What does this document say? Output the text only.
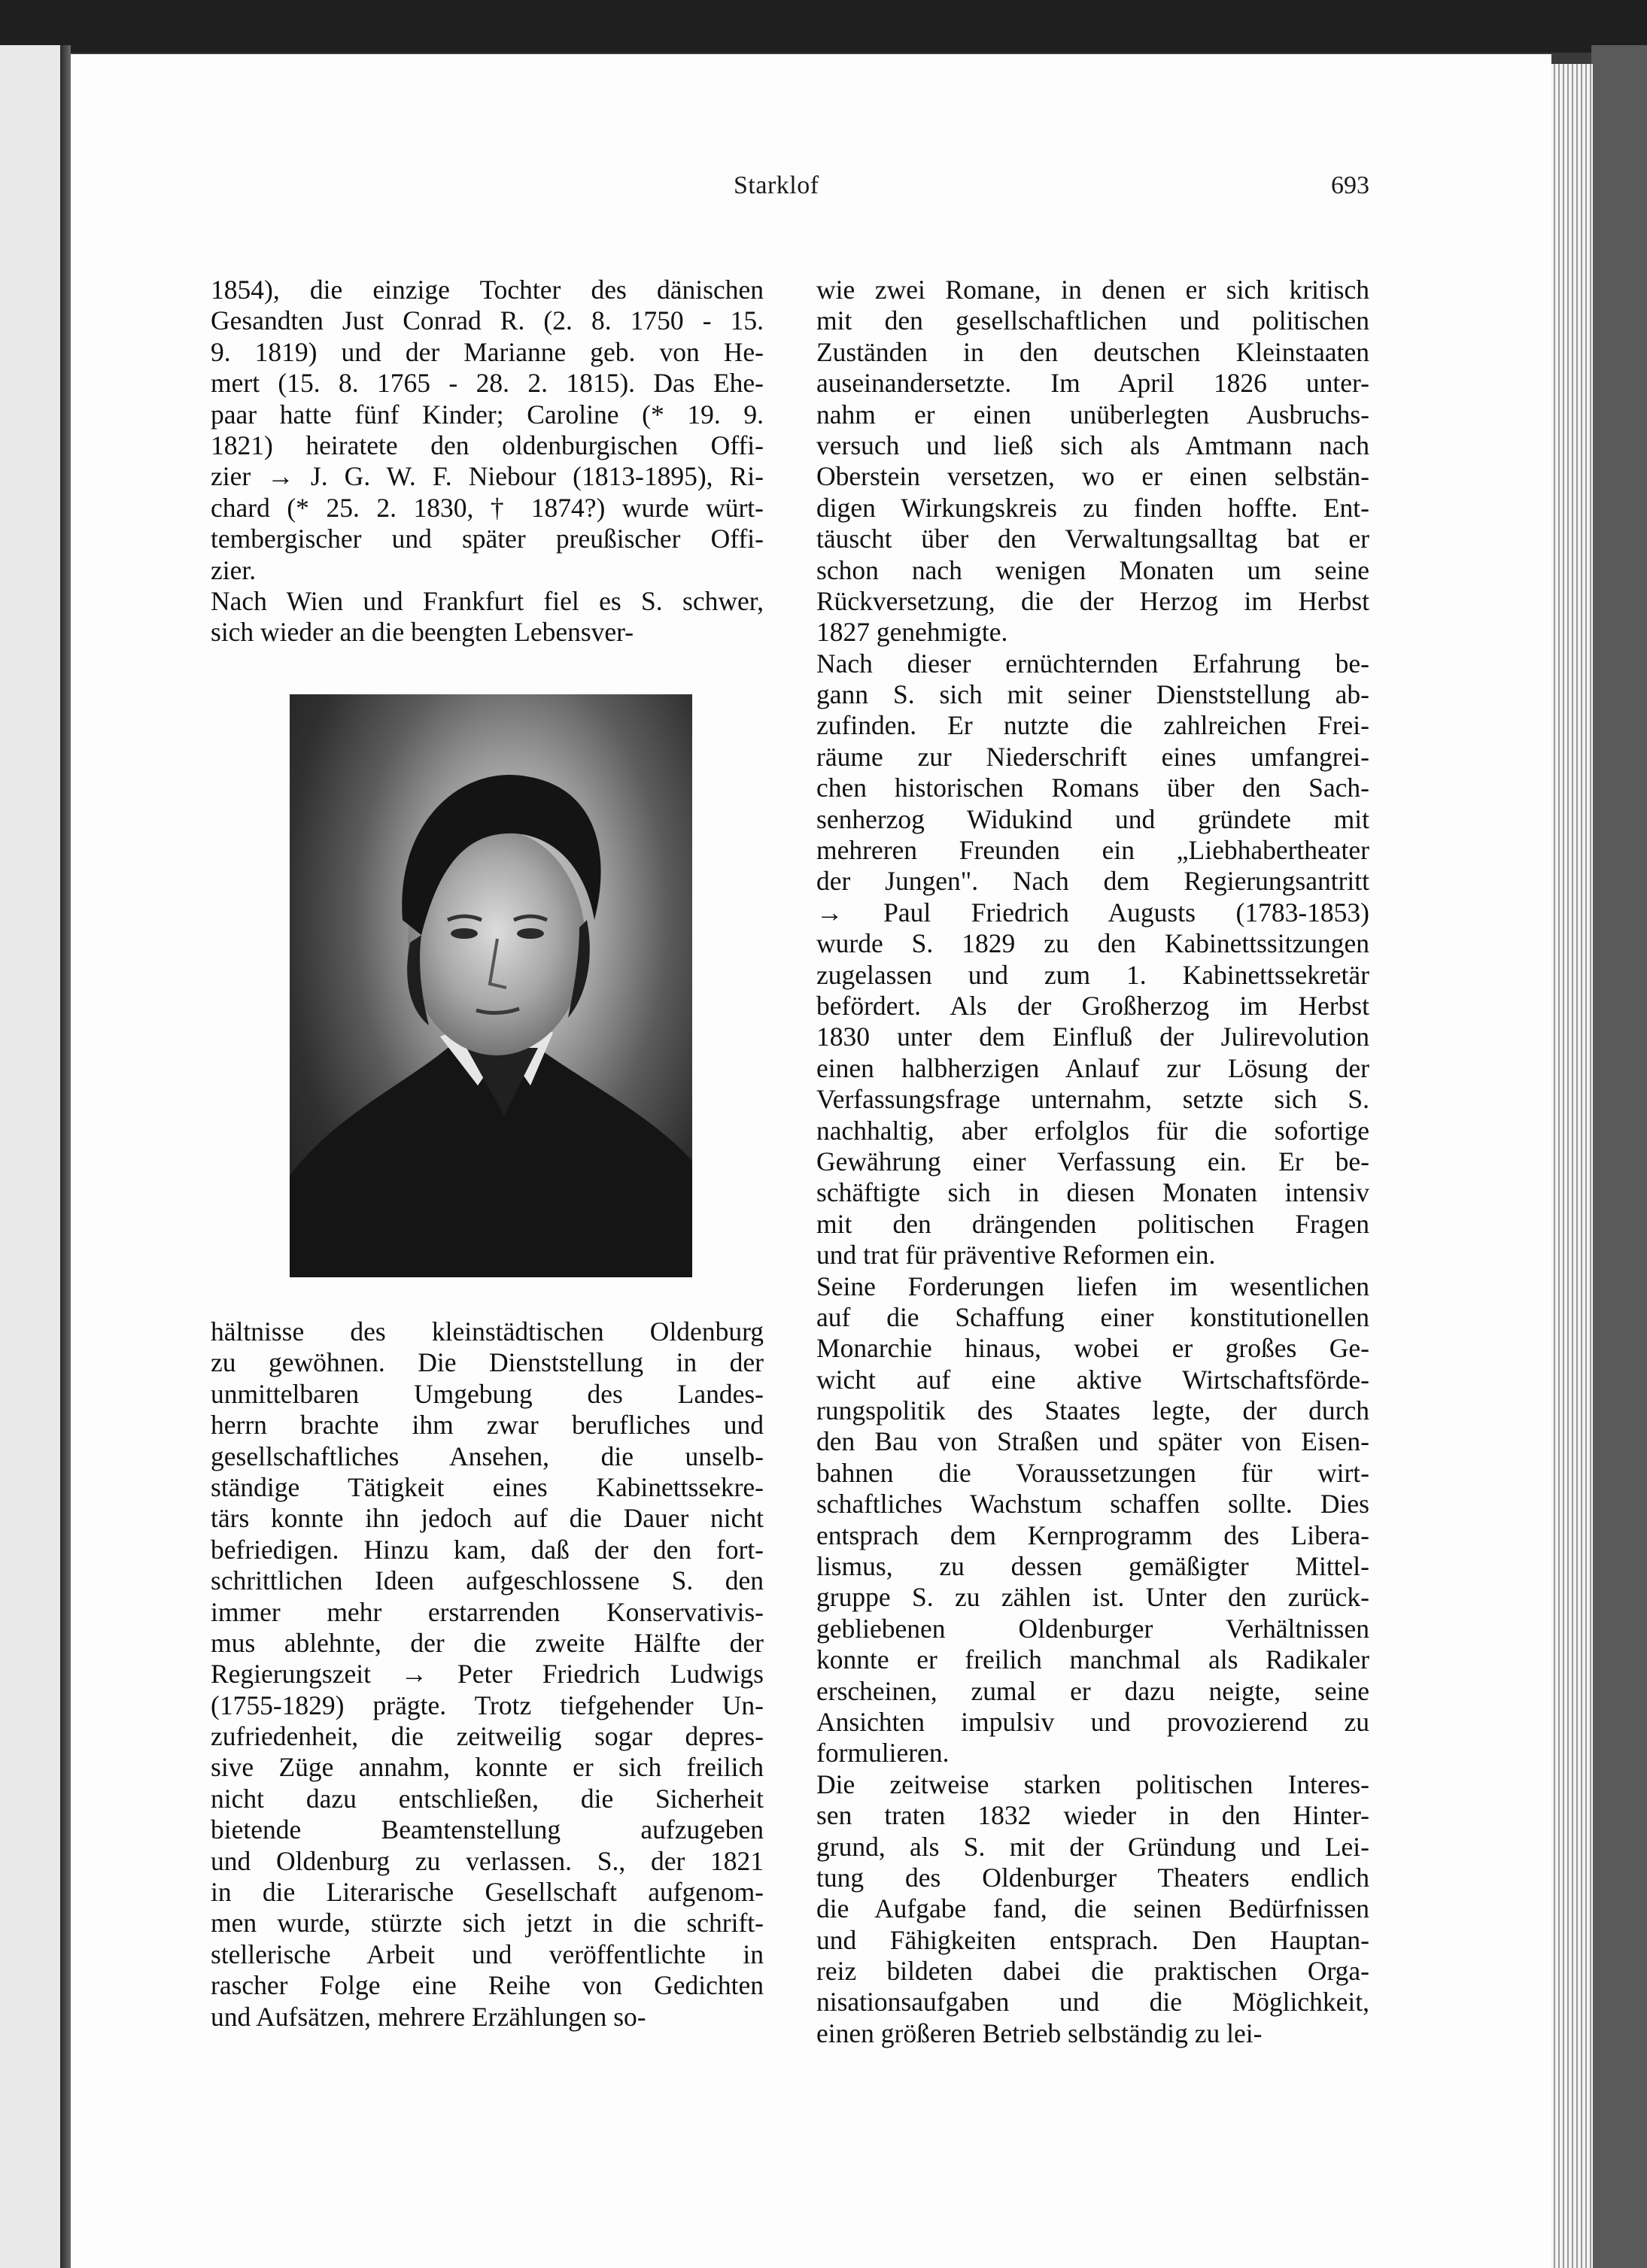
Starklof	693
1854), die einzige Tochter des dänischen
Gesandten Just Conrad R. (2. 8. 1750 - 15.
9. 1819) und der Marianne geb. von He-
mert (15. 8. 1765 - 28. 2. 1815). Das Ehe-
paar hatte fünf Kinder; Caroline (* 19. 9.
1821) heiratete den oldenburgischen Offi-
zier → J. G. W. F. Niebour (1813-1895), Ri-
chard (* 25. 2. 1830, † 1874?) wurde würt-
tembergischer und später preußischer Offi-
zier.
Nach Wien und Frankfurt fiel es S. schwer,
sich wieder an die beengten Lebensver-
hältnisse des kleinstädtischen Oldenburg
zu gewöhnen. Die Dienststellung in der
unmittelbaren Umgebung des Landes-
herrn brachte ihm zwar berufliches und
gesellschaftliches Ansehen, die unselb-
ständige Tätigkeit eines Kabinettssekre-
tärs konnte ihn jedoch auf die Dauer nicht
befriedigen. Hinzu kam, daß der den fort-
schrittlichen Ideen aufgeschlossene S. den
immer mehr erstarrenden Konservativis-
mus ablehnte, der die zweite Hälfte der
Regierungszeit → Peter Friedrich Ludwigs
(1755-1829) prägte. Trotz tiefgehender Un-
zufriedenheit, die zeitweilig sogar depres-
sive Züge annahm, konnte er sich freilich
nicht dazu entschließen, die Sicherheit
bietende Beamtenstellung aufzugeben
und Oldenburg zu verlassen. S., der 1821
in die Literarische Gesellschaft aufgenom-
men wurde, stürzte sich jetzt in die schrift-
stellerische Arbeit und veröffentlichte in
rascher Folge eine Reihe von Gedichten
und Aufsätzen, mehrere Erzählungen so-
wie zwei Romane, in denen er sich kritisch
mit den gesellschaftlichen und politischen
Zuständen in den deutschen Kleinstaaten
auseinandersetzte. Im April 1826 unter-
nahm er einen unüberlegten Ausbruchs-
versuch und ließ sich als Amtmann nach
Oberstein versetzen, wo er einen selbstän-
digen Wirkungskreis zu finden hoffte. Ent-
täuscht über den Verwaltungsalltag bat er
schon nach wenigen Monaten um seine
Rückversetzung, die der Herzog im Herbst
1827 genehmigte.
Nach dieser ernüchternden Erfahrung be-
gann S. sich mit seiner Dienststellung ab-
zufinden. Er nutzte die zahlreichen Frei-
räume zur Niederschrift eines umfangrei-
chen historischen Romans über den Sach-
senherzog Widukind und gründete mit
mehreren Freunden ein „Liebhabertheater
der Jungen". Nach dem Regierungsantritt
→ Paul Friedrich Augusts (1783-1853)
wurde S. 1829 zu den Kabinettssitzungen
zugelassen und zum 1. Kabinettssekretär
befördert. Als der Großherzog im Herbst
1830 unter dem Einfluß der Julirevolution
einen halbherzigen Anlauf zur Lösung der
Verfassungsfrage unternahm, setzte sich S.
nachhaltig, aber erfolglos für die sofortige
Gewährung einer Verfassung ein. Er be-
schäftigte sich in diesen Monaten intensiv
mit den drängenden politischen Fragen
und trat für präventive Reformen ein.
Seine Forderungen liefen im wesentlichen
auf die Schaffung einer konstitutionellen
Monarchie hinaus, wobei er großes Ge-
wicht auf eine aktive Wirtschaftsförde-
rungspolitik des Staates legte, der durch
den Bau von Straßen und später von Eisen-
bahnen die Voraussetzungen für wirt-
schaftliches Wachstum schaffen sollte. Dies
entsprach dem Kernprogramm des Libera-
lismus, zu dessen gemäßigter Mittel-
gruppe S. zu zählen ist. Unter den zurück-
gebliebenen Oldenburger Verhältnissen
konnte er freilich manchmal als Radikaler
erscheinen, zumal er dazu neigte, seine
Ansichten impulsiv und provozierend zu
formulieren.
Die zeitweise starken politischen Interes-
sen traten 1832 wieder in den Hinter-
grund, als S. mit der Gründung und Lei-
tung des Oldenburger Theaters endlich
die Aufgabe fand, die seinen Bedürfnissen
und Fähigkeiten entsprach. Den Hauptan-
reiz bildeten dabei die praktischen Orga-
nisationsaufgaben und die Möglichkeit,
einen größeren Betrieb selbständig zu lei-
